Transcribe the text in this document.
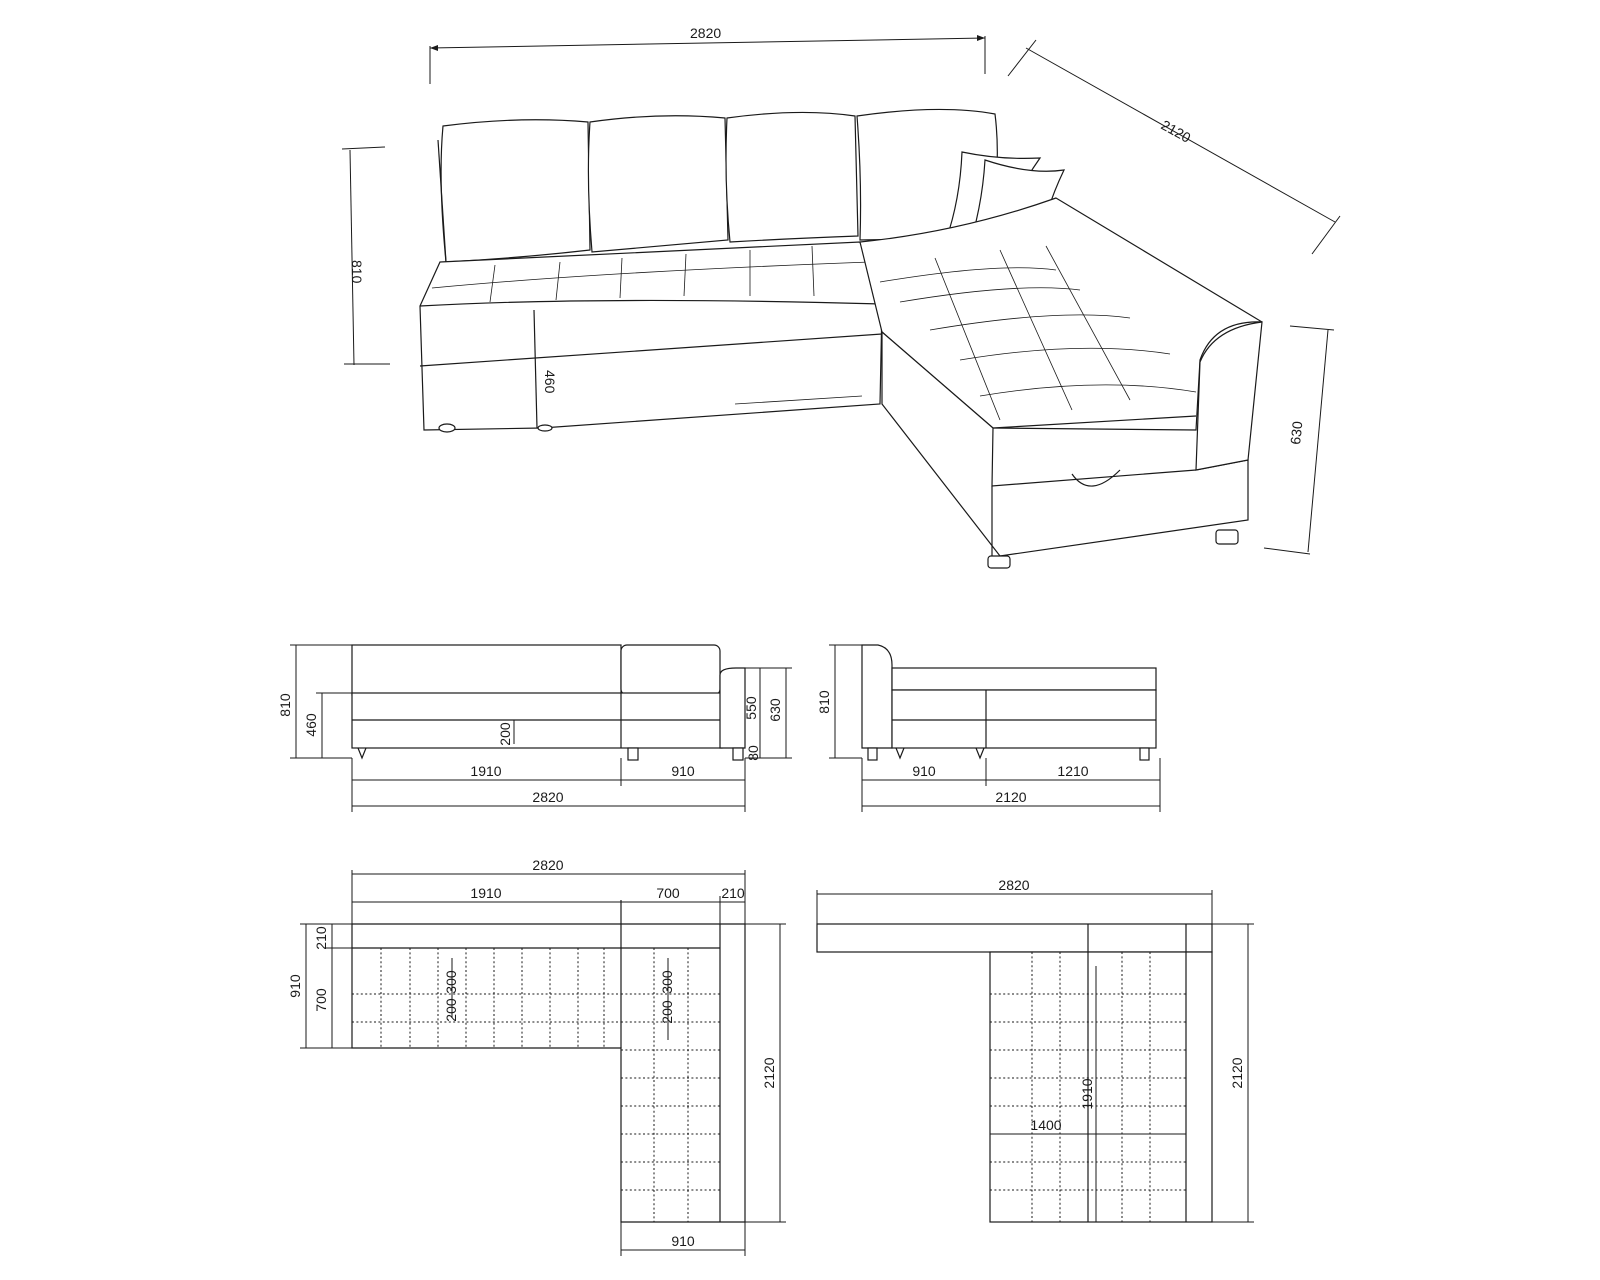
2820
2120
810
630
460
810
460	200
550 630
80
1910	910
2820
810
910	1210
2120
2820
1910	700	210
910
210
700
300
200
300
200
2120
910
2820
1910
1400
2120
